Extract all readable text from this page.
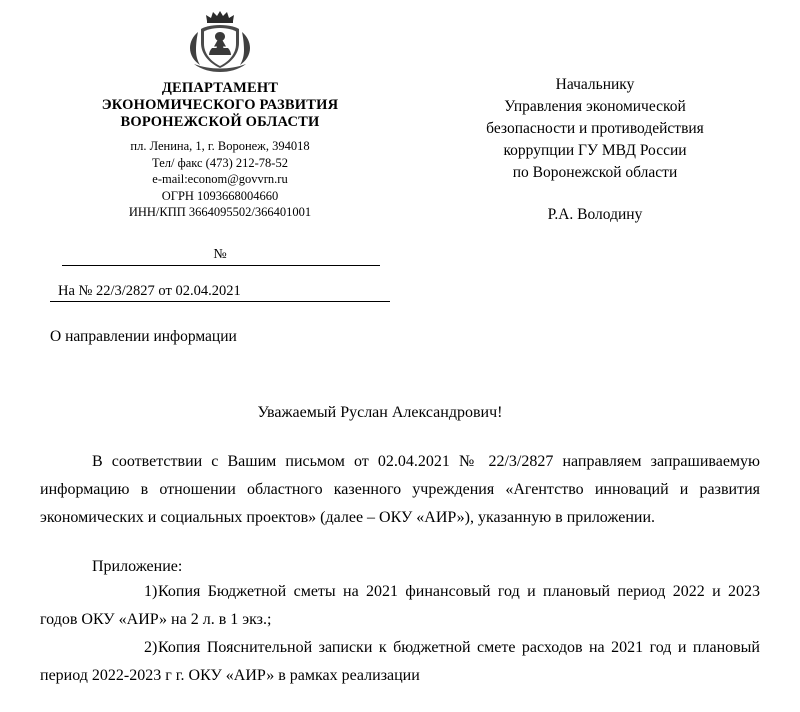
ДЕПАРТАМЕНТ
ЭКОНОМИЧЕСКОГО РАЗВИТИЯ
ВОРОНЕЖСКОЙ ОБЛАСТИ
пл. Ленина, 1, г. Воронеж, 394018
Тел/ факс (473) 212-78-52
e-mail:econom@govvrn.ru
ОГРН 1093668004660
ИНН/КПП 3664095502/366401001
Начальнику
Управления экономической
безопасности и противодействия
коррупции ГУ МВД России
по Воронежской области
Р.А. Володину
№
На № 22/3/2827 от 02.04.2021
О направлении информации
Уважаемый Руслан Александрович!

В соответствии с Вашим письмом от 02.04.2021 № 22/3/2827 направляем запрашиваемую информацию в отношении областного казенного учреждения «Агентство инноваций и развития экономических и социальных проектов» (далее – ОКУ «АИР»), указанную в приложении.

Приложение:

1)Копия Бюджетной сметы на 2021 финансовый год и плановый период 2022 и 2023 годов ОКУ «АИР» на 2 л. в 1 экз.;

2)Копия Пояснительной записки к бюджетной смете расходов на 2021 год и плановый период 2022-2023 г г. ОКУ «АИР» в рамках реализации
